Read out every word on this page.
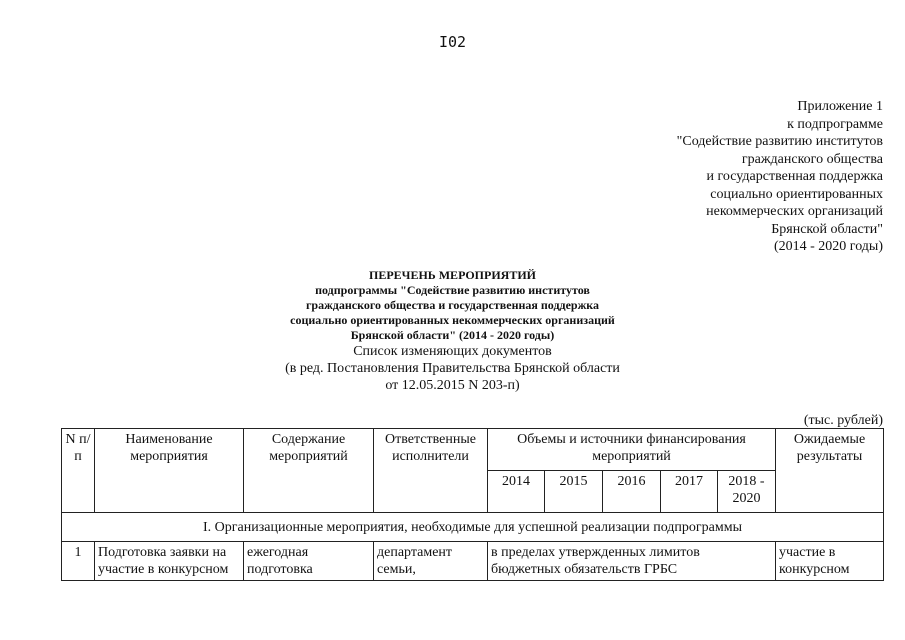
I02
Приложение 1
к подпрограмме
"Содействие развитию институтов
гражданского общества
и государственная поддержка
социально ориентированных
некоммерческих организаций
Брянской области"
(2014 - 2020 годы)
ПЕРЕЧЕНЬ МЕРОПРИЯТИЙ
подпрограммы "Содействие развитию институтов
гражданского общества и государственная поддержка
социально ориентированных некоммерческих организаций
Брянской области" (2014 - 2020 годы)
Список изменяющих документов
(в ред. Постановления Правительства Брянской области
от 12.05.2015 N 203-п)
(тыс. рублей)
N п/п	Наименование мероприятия	Содержание мероприятий	Ответственные исполнители	Объемы и источники финансирования мероприятий					Ожидаемые результаты
				2014	2015	2016	2017	2018 - 2020	
I. Организационные мероприятия, необходимые для успешной реализации подпрограммы									
1	Подготовка заявки на участие в конкурсном	ежегодная подготовка	департамент семьи,	в пределах утвержденных лимитов бюджетных обязательств ГРБС					участие в конкурсном
